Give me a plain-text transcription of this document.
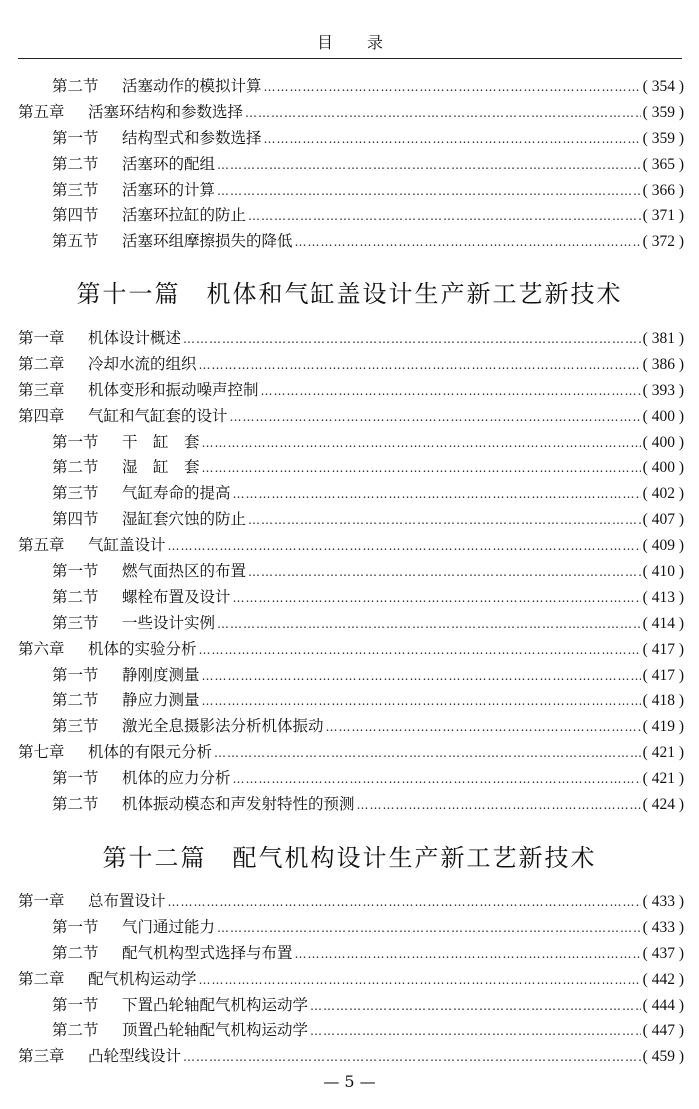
目 录
第二节	活塞动作的模拟计算 ………………………………………………………………………………………………………………………………………………………………………………	( 354 )
第五章	活塞环结构和参数选择 ………………………………………………………………………………………………………………………………………………………………………………	( 359 )
第一节	结构型式和参数选择 ………………………………………………………………………………………………………………………………………………………………………………	( 359 )
第二节	活塞环的配组 ………………………………………………………………………………………………………………………………………………………………………………	( 365 )
第三节	活塞环的计算 ………………………………………………………………………………………………………………………………………………………………………………	( 366 )
第四节	活塞环拉缸的防止 ………………………………………………………………………………………………………………………………………………………………………………	( 371 )
第五节	活塞环组摩擦损失的降低 ………………………………………………………………………………………………………………………………………………………………………………	( 372 )
第十一篇 机体和气缸盖设计生产新工艺新技术
第一章	机体设计概述 ………………………………………………………………………………………………………………………………………………………………………………	( 381 )
第二章	冷却水流的组织 ………………………………………………………………………………………………………………………………………………………………………………	( 386 )
第三章	机体变形和振动噪声控制 ………………………………………………………………………………………………………………………………………………………………………………	( 393 )
第四章	气缸和气缸套的设计 ………………………………………………………………………………………………………………………………………………………………………………	( 400 )
第一节	干　缸　套 ………………………………………………………………………………………………………………………………………………………………………………	( 400 )
第二节	湿　缸　套 ………………………………………………………………………………………………………………………………………………………………………………	( 400 )
第三节	气缸寿命的提高 ………………………………………………………………………………………………………………………………………………………………………………	( 402 )
第四节	湿缸套穴蚀的防止 ………………………………………………………………………………………………………………………………………………………………………………	( 407 )
第五章	气缸盖设计 ………………………………………………………………………………………………………………………………………………………………………………	( 409 )
第一节	燃气面热区的布置 ………………………………………………………………………………………………………………………………………………………………………………	( 410 )
第二节	螺栓布置及设计 ………………………………………………………………………………………………………………………………………………………………………………	( 413 )
第三节	一些设计实例 ………………………………………………………………………………………………………………………………………………………………………………	( 414 )
第六章	机体的实验分析 ………………………………………………………………………………………………………………………………………………………………………………	( 417 )
第一节	静刚度测量 ………………………………………………………………………………………………………………………………………………………………………………	( 417 )
第二节	静应力测量 ………………………………………………………………………………………………………………………………………………………………………………	( 418 )
第三节	激光全息摄影法分析机体振动 ………………………………………………………………………………………………………………………………………………………………………………	( 419 )
第七章	机体的有限元分析 ………………………………………………………………………………………………………………………………………………………………………………	( 421 )
第一节	机体的应力分析 ………………………………………………………………………………………………………………………………………………………………………………	( 421 )
第二节	机体振动模态和声发射特性的预测 ………………………………………………………………………………………………………………………………………………………………………………	( 424 )
第十二篇 配气机构设计生产新工艺新技术
第一章	总布置设计 ………………………………………………………………………………………………………………………………………………………………………………	( 433 )
第一节	气门通过能力 ………………………………………………………………………………………………………………………………………………………………………………	( 433 )
第二节	配气机构型式选择与布置 ………………………………………………………………………………………………………………………………………………………………………………	( 437 )
第二章	配气机构运动学 ………………………………………………………………………………………………………………………………………………………………………………	( 442 )
第一节	下置凸轮轴配气机构运动学 ………………………………………………………………………………………………………………………………………………………………………………	( 444 )
第二节	顶置凸轮轴配气机构运动学 ………………………………………………………………………………………………………………………………………………………………………………	( 447 )
第三章	凸轮型线设计 ………………………………………………………………………………………………………………………………………………………………………………	( 459 )
— 5 —
